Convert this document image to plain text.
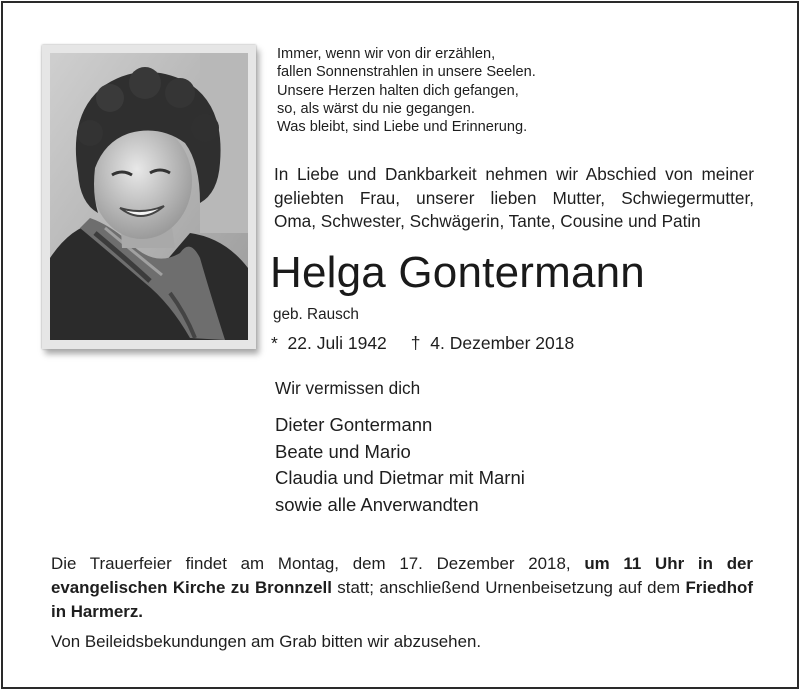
Immer, wenn wir von dir erzählen,
fallen Sonnenstrahlen in unsere Seelen.
Unsere Herzen halten dich gefangen,
so, als wärst du nie gegangen.
Was bleibt, sind Liebe und Erinnerung.
In Liebe und Dankbarkeit nehmen wir Abschied von meiner
geliebten Frau, unserer lieben Mutter, Schwiegermutter,
Oma, Schwester, Schwägerin, Tante, Cousine und Patin
Helga Gontermann
geb. Rausch
* 22. Juli 1942 † 4. Dezember 2018
Wir vermissen dich
Dieter Gontermann
Beate und Mario
Claudia und Dietmar mit Marni
sowie alle Anverwandten
Die Trauerfeier findet am Montag, dem 17. Dezember 2018, um 11 Uhr in der evangelischen Kirche zu Bronnzell statt; anschließend Urnenbeisetzung auf dem Friedhof in Harmerz.
Von Beileidsbekundungen am Grab bitten wir abzusehen.
